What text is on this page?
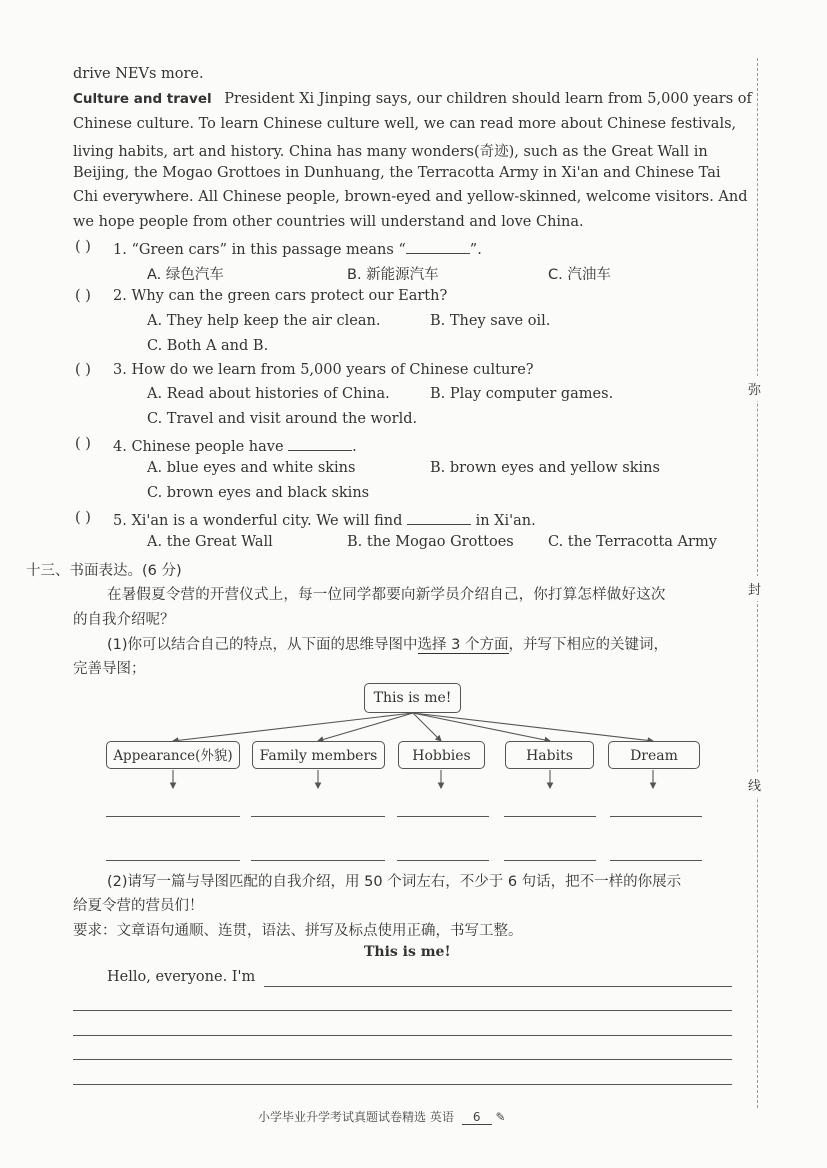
drive NEVs more.
Culture and travel President Xi Jinping says, our children should learn from 5,000 years of
Chinese culture. To learn Chinese culture well, we can read more about Chinese festivals,
living habits, art and history. China has many wonders(奇迹), such as the Great Wall in
Beijing, the Mogao Grottoes in Dunhuang, the Terracotta Army in Xi'an and Chinese Tai
Chi everywhere. All Chinese people, brown-eyed and yellow-skinned, welcome visitors. And
we hope people from other countries will understand and love China.
( ) 1. “Green cars” in this passage means “	”.
A. 绿色汽车	B. 新能源汽车	C. 汽油车
( ) 2. Why can the green cars protect our Earth?
A. They help keep the air clean.	B. They save oil.
C. Both A and B.
( ) 3. How do we learn from 5,000 years of Chinese culture?
A. Read about histories of China.	B. Play computer games.
C. Travel and visit around the world.
( ) 4. Chinese people have	.
A. blue eyes and white skins	B. brown eyes and yellow skins
C. brown eyes and black skins
( ) 5. Xi'an is a wonderful city. We will find	in Xi'an.
A. the Great Wall	B. the Mogao Grottoes C. the Terracotta Army
十三、书面表达。(6 分)
在暑假夏令营的开营仪式上，每一位同学都要向新学员介绍自己，你打算怎样做好这次
的自我介绍呢？
(1)你可以结合自己的特点，从下面的思维导图中选择 3 个方面，并写下相应的关键词，
完善导图；
This is me!
Appearance(外貌)	Family members	Hobbies	Habits	Dream
(2)请写一篇与导图匹配的自我介绍，用 50 个词左右，不少于 6 句话，把不一样的你展示
给夏令营的营员们！
要求：文章语句通顺、连贯，语法、拼写及标点使用正确，书写工整。
This is me!
Hello, everyone. I'm
弥
封
线
小学毕业升学考试真题试卷精选 英语 6 ✎
